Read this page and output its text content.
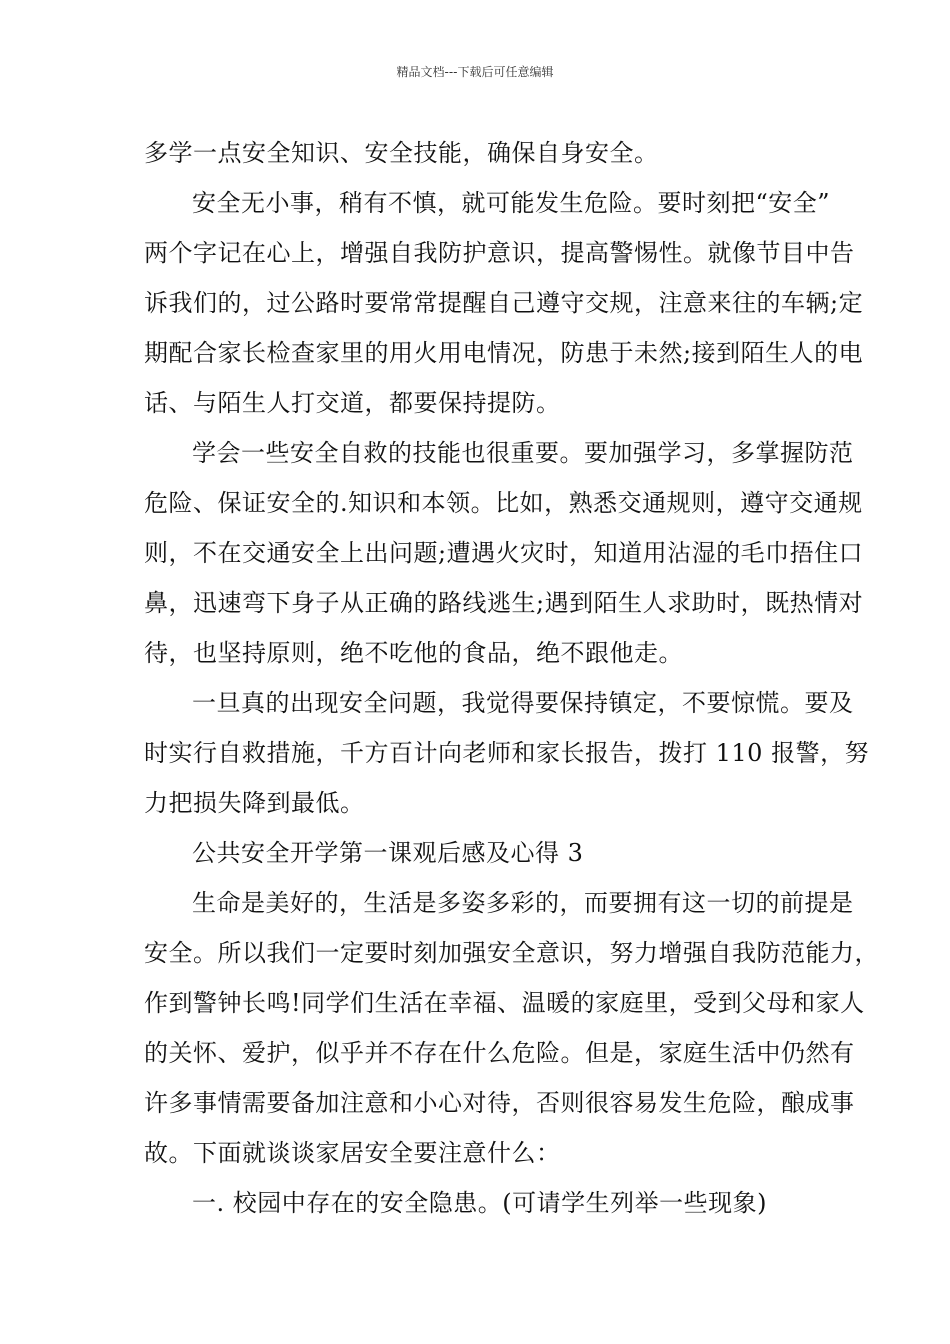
精品文档---下载后可任意编辑
多学一点安全知识、安全技能，确保自身安全。
安全无小事，稍有不慎，就可能发生危险。要时刻把“安全”
两个字记在心上，增强自我防护意识，提高警惕性。就像节目中告
诉我们的，过公路时要常常提醒自己遵守交规，注意来往的车辆;定
期配合家长检查家里的用火用电情况，防患于未然;接到陌生人的电
话、与陌生人打交道，都要保持提防。
学会一些安全自救的技能也很重要。要加强学习，多掌握防范
危险、保证安全的.知识和本领。比如，熟悉交通规则，遵守交通规
则，不在交通安全上出问题;遭遇火灾时，知道用沾湿的毛巾捂住口
鼻，迅速弯下身子从正确的路线逃生;遇到陌生人求助时，既热情对
待，也坚持原则，绝不吃他的食品，绝不跟他走。
一旦真的出现安全问题，我觉得要保持镇定，不要惊慌。要及
时实行自救措施，千方百计向老师和家长报告，拨打 110 报警，努
力把损失降到最低。
公共安全开学第一课观后感及心得 3
生命是美好的，生活是多姿多彩的，而要拥有这一切的前提是
安全。所以我们一定要时刻加强安全意识，努力增强自我防范能力，
作到警钟长鸣!同学们生活在幸福、温暖的家庭里，受到父母和家人
的关怀、爱护，似乎并不存在什么危险。但是，家庭生活中仍然有
许多事情需要备加注意和小心对待，否则很容易发生危险，酿成事
故。下面就谈谈家居安全要注意什么：
一. 校园中存在的安全隐患。(可请学生列举一些现象)
